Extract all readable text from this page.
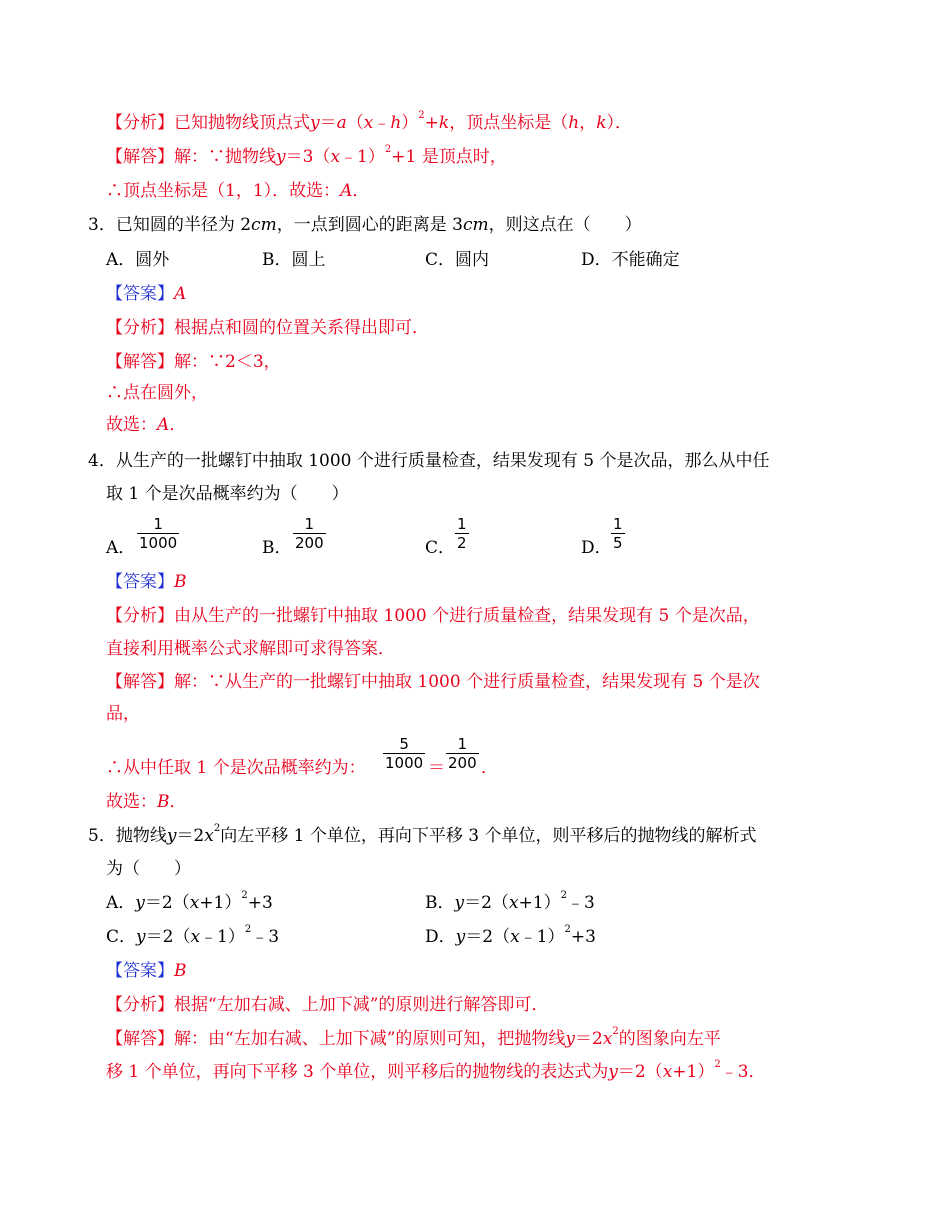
【分析】已知抛物线顶点式y＝a（x﹣h）$^2$+k，顶点坐标是（h，k）．
【解答】解：∵抛物线y＝3（x﹣1）$^2$+1 是顶点时，
∴顶点坐标是（1，1）．故选：A．
3．已知圆的半径为 2cm，一点到圆心的距离是 3cm，则这点在（　　）
A．圆外	B．圆上	C．圆内	D．不能确定
【答案】A
【分析】根据点和圆的位置关系得出即可．
【解答】解：∵2＜3，
∴点在圆外，
故选：A．
4．从生产的一批螺钉中抽取 1000 个进行质量检查，结果发现有 5 个是次品，那么从中任
取 1 个是次品概率约为（　　）
A．
1
1000	B．
1
200	C．
1
2	D．
1
5
【答案】B
【分析】由从生产的一批螺钉中抽取 1000 个进行质量检查，结果发现有 5 个是次品，
直接利用概率公式求解即可求得答案．
【解答】解：∵从生产的一批螺钉中抽取 1000 个进行质量检查，结果发现有 5 个是次
品，
∴从中任取 1 个是次品概率约为：
5
1000 ＝
1
200 ．
故选：B．
5．抛物线$y=2x^2$向左平移 1 个单位，再向下平移 3 个单位，则平移后的抛物线的解析式
为（　　）
A．$y=2(x+1)^2+3$	B．$y=2(x+1)^2﹣3$
C．y＝2（x﹣1）$^2$﹣3	D．y＝2（x﹣1）$^2$+3
【答案】B
【分析】根据“左加右减、上加下减”的原则进行解答即可．
【解答】解：由“左加右减、上加下减”的原则可知，把抛物线$y=2x^2$的图象向左平
移 1 个单位，再向下平移 3 个单位，则平移后的抛物线的表达式为$y=2(x+1)^2﹣3$．
